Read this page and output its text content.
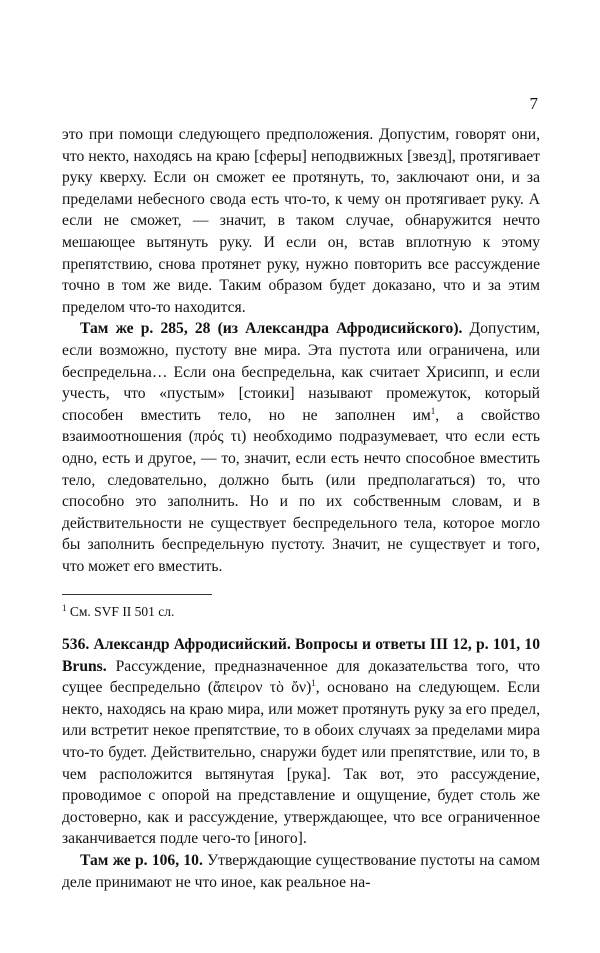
7

это при помощи следующего предположения. Допустим, говорят они, что некто, находясь на краю [сферы] неподвижных [звезд], протягивает руку кверху. Если он сможет ее протянуть, то, заключают они, и за пределами небесного свода есть что-то, к чему он протягивает руку. А если не сможет, — значит, в таком случае, обнаружится нечто мешающее вытянуть руку. И если он, встав вплотную к этому препятствию, снова протянет руку, нужно повторить все рассуждение точно в том же виде. Таким образом будет доказано, что и за этим пределом что-то находится.

Там же p. 285, 28 (из Александра Афродисийского). Допустим, если возможно, пустоту вне мира. Эта пустота или ограничена, или беспредельна… Если она беспредельна, как считает Хрисипп, и если учесть, что «пустым» [стоики] называют промежуток, который способен вместить тело, но не заполнен $им^1$, а свойство взаимоотношения (πρός τι) необходимо подразумевает, что если есть одно, есть и другое, — то, значит, если есть нечто способное вместить тело, следовательно, должно быть (или предполагаться) то, что способно это заполнить. Но и по их собственным словам, и в действительности не существует беспредельного тела, которое могло бы заполнить беспредельную пустоту. Значит, не существует и того, что может его вместить.

$^1$ См. SVF II 501 сл.

536. Александр Афродисийский. Вопросы и ответы III 12, p. 101, 10 Bruns. Рассуждение, предназначенное для доказательства того, что сущее беспредельно (ἄπειρον τὸ ὄν)$^1$, основано на следующем. Если некто, находясь на краю мира, или может протянуть руку за его предел, или встретит некое препятствие, то в обоих случаях за пределами мира что-то будет. Действительно, снаружи будет или препятствие, или то, в чем расположится вытянутая [рука]. Так вот, это рассуждение, проводимое с опорой на представление и ощущение, будет столь же достоверно, как и рассуждение, утверждающее, что все ограниченное заканчивается подле чего-то [иного].

Там же p. 106, 10. Утверждающие существование пустоты на самом деле принимают не что иное, как реальное на-
